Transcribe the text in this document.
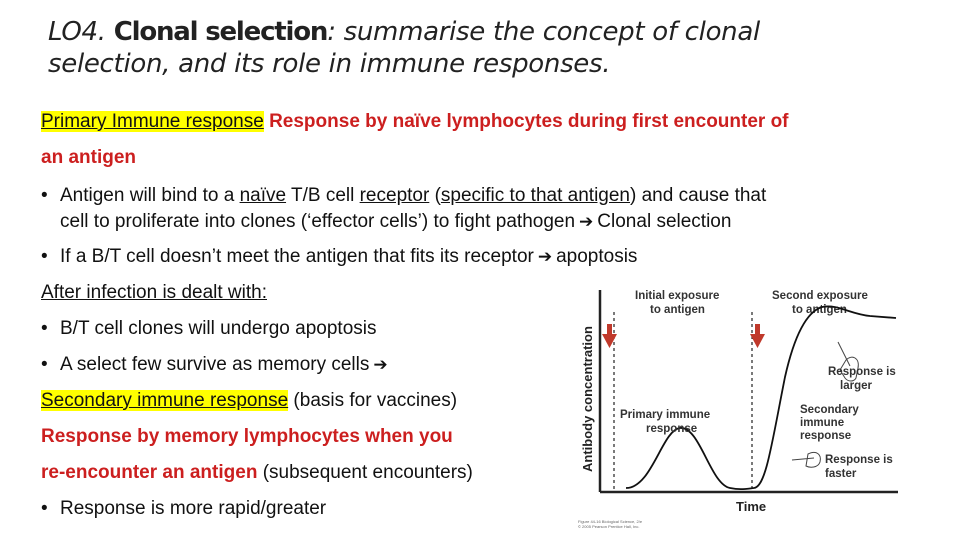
LO4. Clonal selection: summarise the concept of clonal
selection, and its role in immune responses.
Primary Immune response Response by naïve lymphocytes during first encounter of
an antigen
• Antigen will bind to a naïve T/B cell receptor (specific to that antigen) and cause that
cell to proliferate into clones (‘effector cells’) to fight pathogen ➔ Clonal selection
• If a B/T cell doesn’t meet the antigen that fits its receptor ➔ apoptosis
After infection is dealt with:
• B/T cell clones will undergo apoptosis
• A select few survive as memory cells ➔
Secondary immune response (basis for vaccines)
Response by memory lymphocytes when you
re-encounter an antigen (subsequent encounters)
• Response is more rapid/greater
Antibody concentration
Time
Initial exposure
to antigen
Second exposure
to antigen
Primary immune
response
Secondary
immune
response
Response is
larger
Response is
faster
Figure 44-16 Biological Science, 2/e
© 2005 Pearson Prentice Hall, Inc.
